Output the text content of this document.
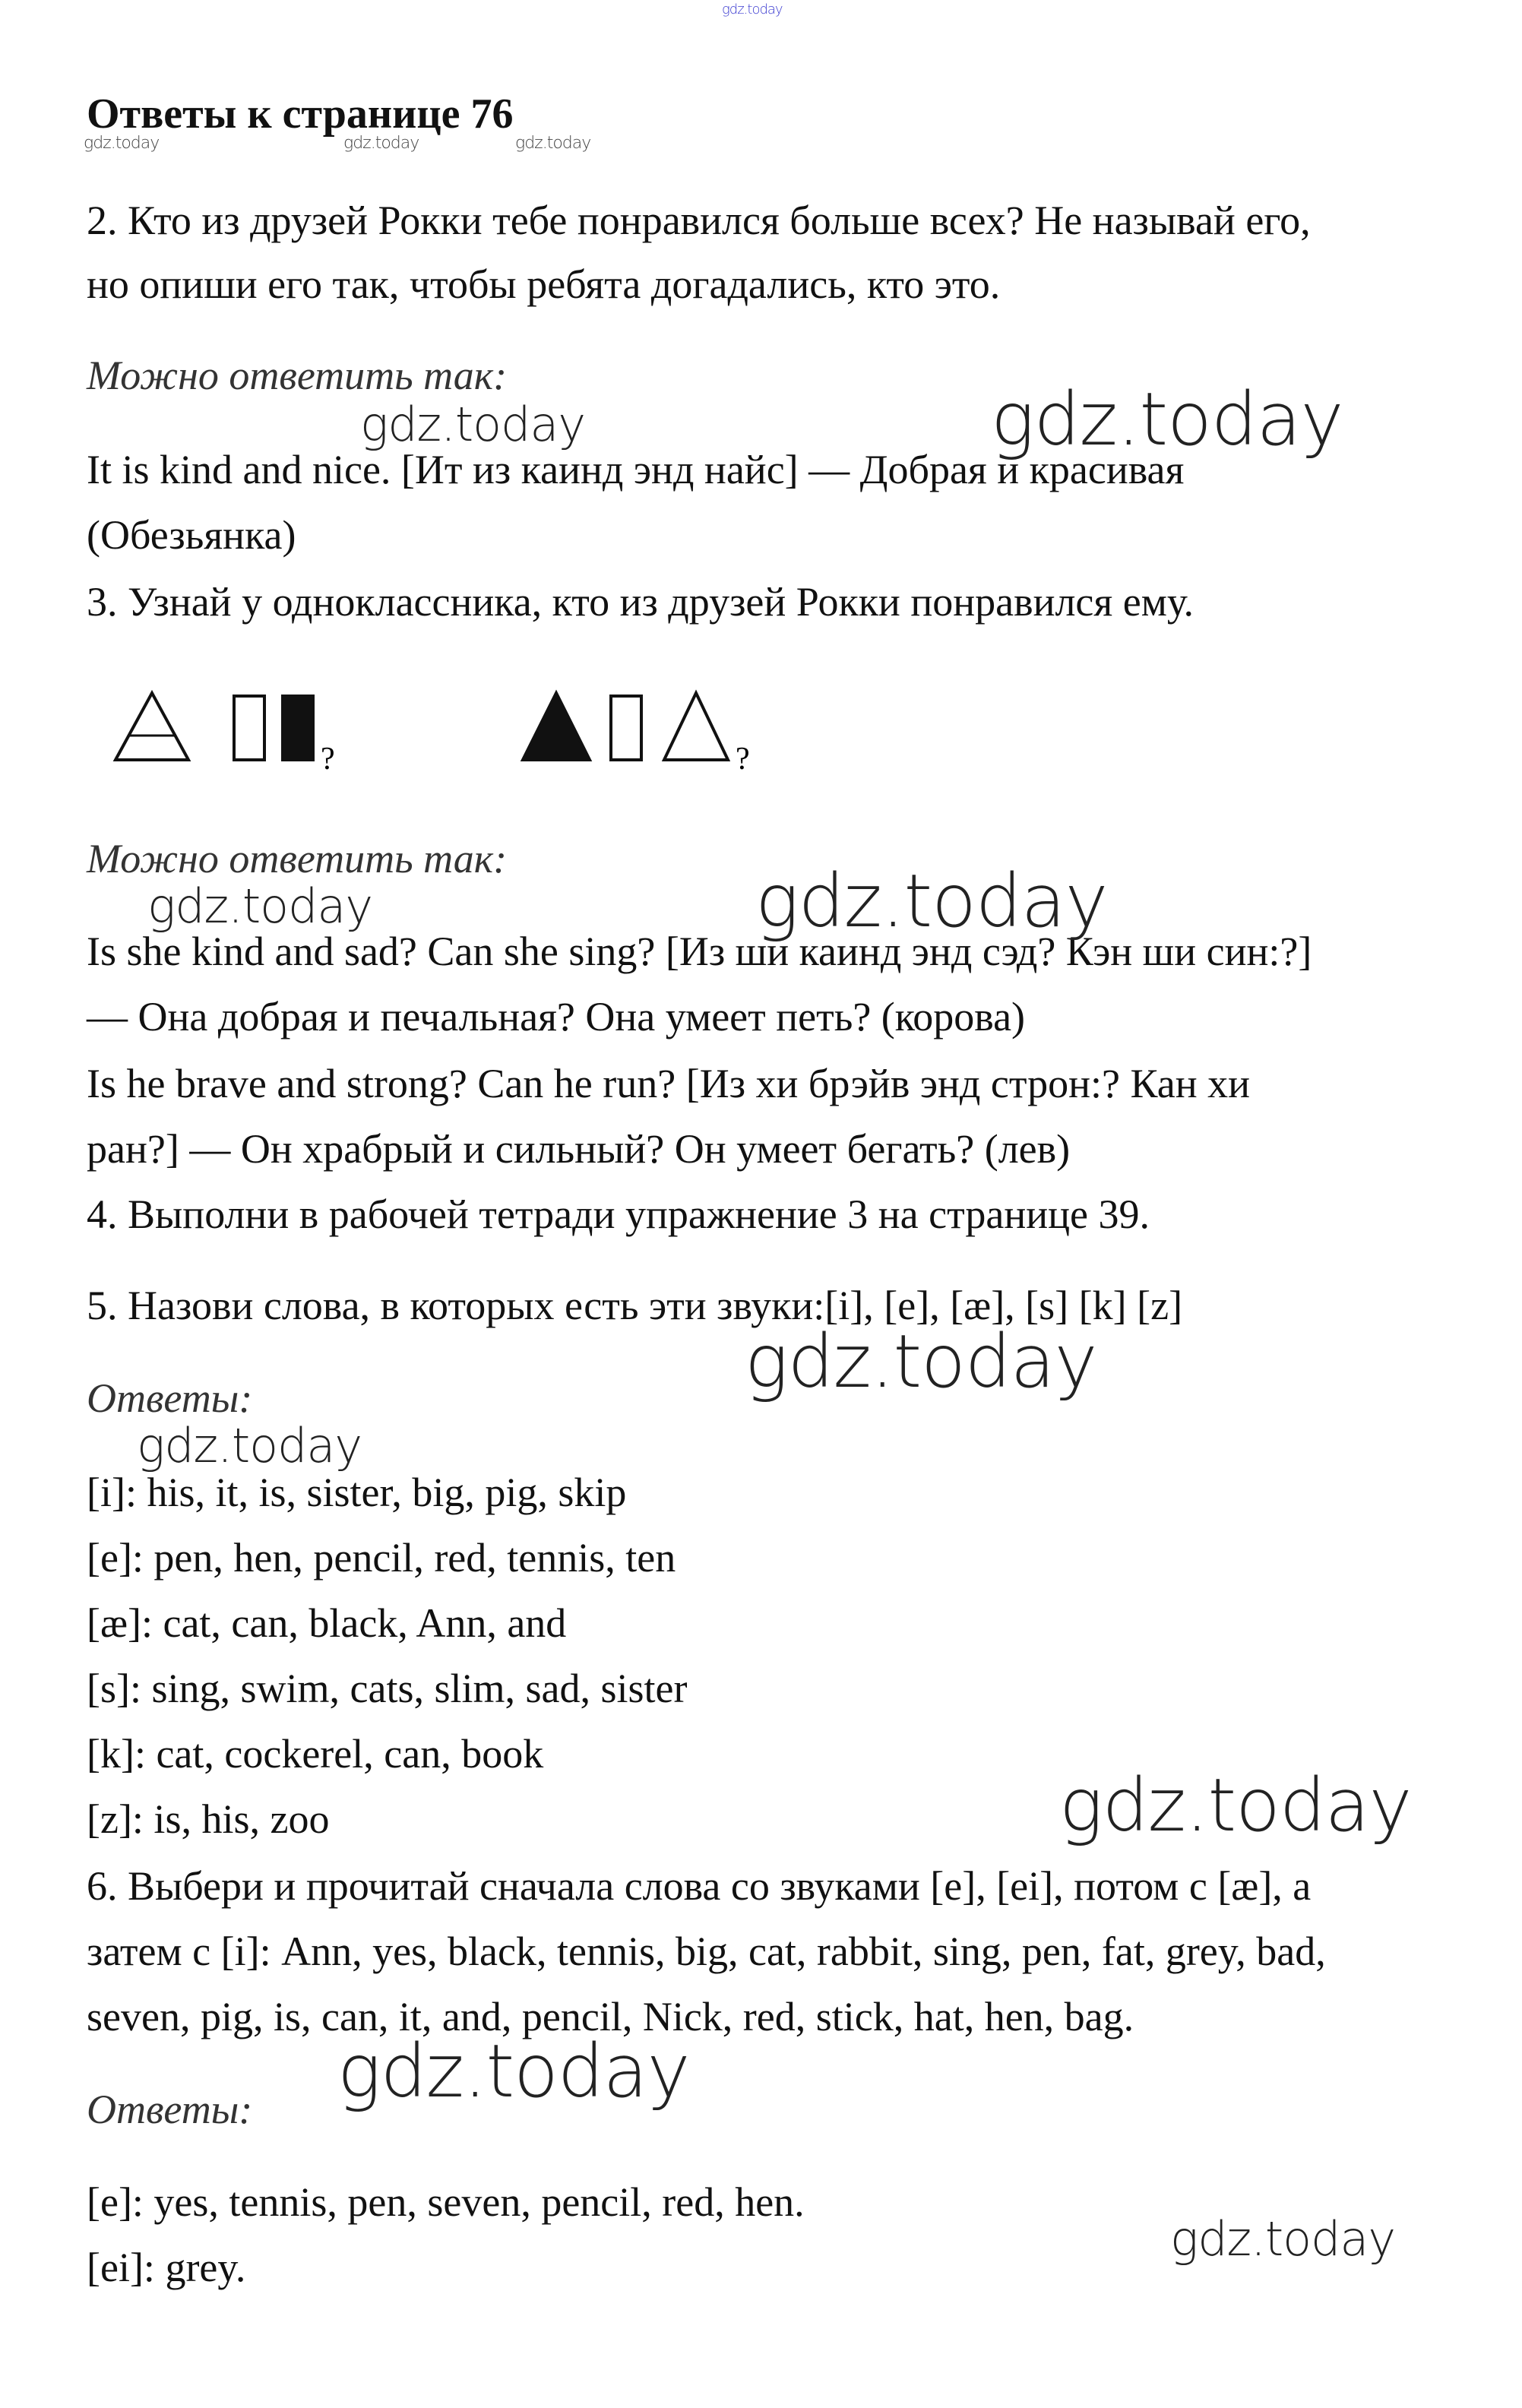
gdz.today
Ответы к странице 76
gdz.today	gdz.today	gdz.today
2. Кто из друзей Рокки тебе понравился больше всех? Не называй его,
но опиши его так, чтобы ребята догадались, кто это.
Можно ответить так:
It is kind and nice. [Ит из каинд энд найс] — Добрая и красивая
(Обезьянка)
3. Узнай у одноклассника, кто из друзей Рокки понравился ему.
?	?
Можно ответить так:
Is she kind and sad? Can she sing? [Из ши каинд энд сэд? Кэн ши син:?]
— Она добрая и печальная? Она умеет петь? (корова)
Is he brave and strong? Can he run? [Из хи брэйв энд строн:? Кан хи
ран?] — Он храбрый и сильный? Он умеет бегать? (лев)
4. Выполни в рабочей тетради упражнение 3 на странице 39.
5. Назови слова, в которых есть эти звуки:[i], [e], [æ], [s] [k] [z]
Ответы:
[i]: his, it, is, sister, big, pig, skip
[e]: pen, hen, pencil, red, tennis, ten
[æ]: cat, can, black, Ann, and
[s]: sing, swim, cats, slim, sad, sister
[k]: cat, cockerel, can, book
[z]: is, his, zoo
6. Выбери и прочитай сначала слова со звуками [e], [ei], потом с [æ], а
затем с [i]: Ann, yes, black, tennis, big, cat, rabbit, sing, pen, fat, grey, bad,
seven, pig, is, can, it, and, pencil, Nick, red, stick, hat, hen, bag.
Ответы:
[e]: yes, tennis, pen, seven, pencil, red, hen.
[ei]: grey.
gdz.today	gdz.today
gdz.today	gdz.today
gdz.today
gdz.today
gdz.today
gdz.today
gdz.today
